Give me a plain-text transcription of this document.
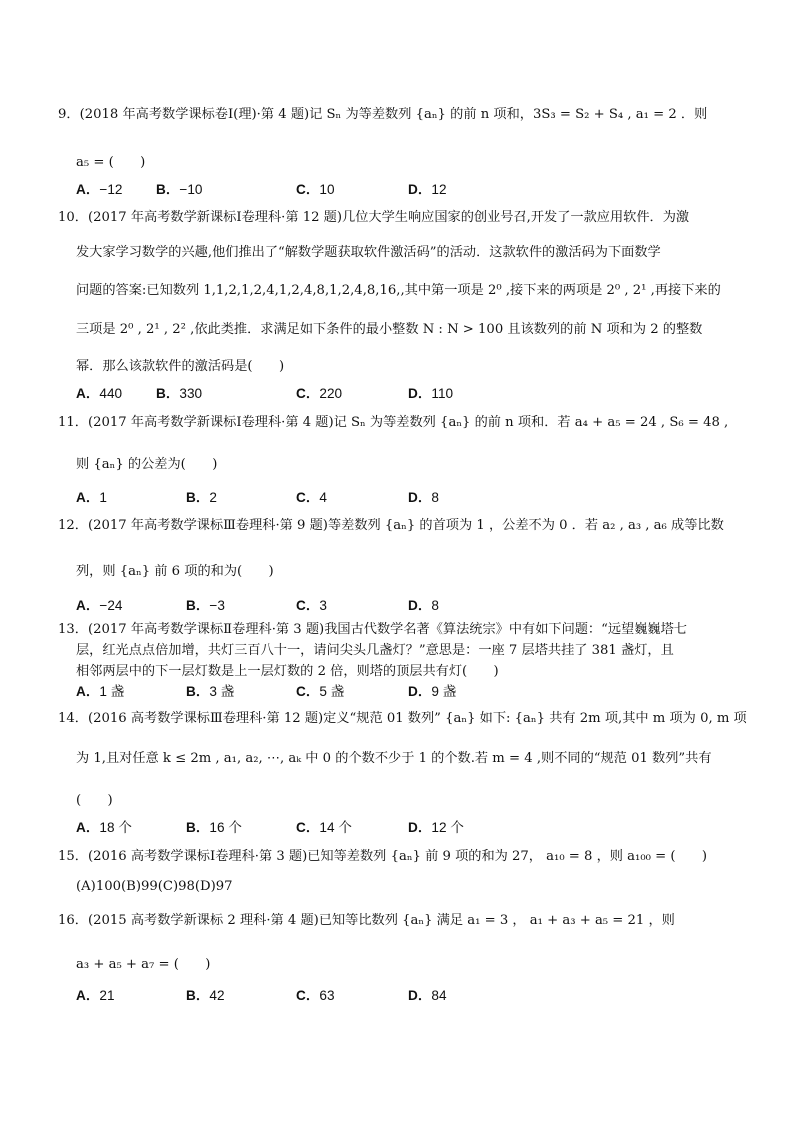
9．(2018 年高考数学课标卷Ⅰ(理)·第 4 题)记 Sₙ 为等差数列 {aₙ} 的前 n 项和，3S₃ = S₂ + S₄ , a₁ = 2 ．则
a₅ = (　　)
A．−12 B．−10	C．10	D．12
10．(2017 年高考数学新课标Ⅰ卷理科·第 12 题)几位大学生响应国家的创业号召,开发了一款应用软件．为激
发大家学习数学的兴趣,他们推出了“解数学题获取软件激活码”的活动．这款软件的激活码为下面数学
问题的答案:已知数列 1,1,2,1,2,4,1,2,4,8,1,2,4,8,16,,其中第一项是 2⁰ ,接下来的两项是 2⁰ , 2¹ ,再接下来的
三项是 2⁰ , 2¹ , 2² ,依此类推．求满足如下条件的最小整数 N : N > 100 且该数列的前 N 项和为 2 的整数
幂．那么该款软件的激活码是(　　)
A．440 B．330	C．220	D．110
11．(2017 年高考数学新课标Ⅰ卷理科·第 4 题)记 Sₙ 为等差数列 {aₙ} 的前 n 项和．若 a₄ + a₅ = 24 , S₆ = 48 ,
则 {aₙ} 的公差为(　　)
A．1	B．2	C．4	D．8
12．(2017 年高考数学课标Ⅲ卷理科·第 9 题)等差数列 {aₙ} 的首项为 1 ，公差不为 0 ．若 a₂ , a₃ , a₆ 成等比数
列，则 {aₙ} 前 6 项的和为(　　)
A．−24	B．−3	C．3	D．8
13．(2017 年高考数学课标Ⅱ卷理科·第 3 题)我国古代数学名著《算法统宗》中有如下问题：“远望巍巍塔七
层，红光点点倍加增，共灯三百八十一，请问尖头几盏灯？”意思是：一座 7 层塔共挂了 381 盏灯，且
相邻两层中的下一层灯数是上一层灯数的 2 倍，则塔的顶层共有灯(　　)
A．1 盏	B．3 盏	C．5 盏	D．9 盏
14．(2016 高考数学课标Ⅲ卷理科·第 12 题)定义“规范 01 数列” {aₙ} 如下: {aₙ} 共有 2m 项,其中 m 项为 0, m 项
为 1,且对任意 k ≤ 2m , a₁, a₂, ⋯, aₖ 中 0 的个数不少于 1 的个数.若 m = 4 ,则不同的“规范 01 数列”共有
(　　)
A．18 个	B．16 个	C．14 个	D．12 个
15．(2016 高考数学课标Ⅰ卷理科·第 3 题)已知等差数列 {aₙ} 前 9 项的和为 27， a₁₀ = 8 ，则 a₁₀₀ = (　　)
(A)100(B)99(C)98(D)97
16．(2015 高考数学新课标 2 理科·第 4 题)已知等比数列 {aₙ} 满足 a₁ = 3 ， a₁ + a₃ + a₅ = 21 ，则
a₃ + a₅ + a₇ = (　　)
A．21	B．42	C．63	D．84
